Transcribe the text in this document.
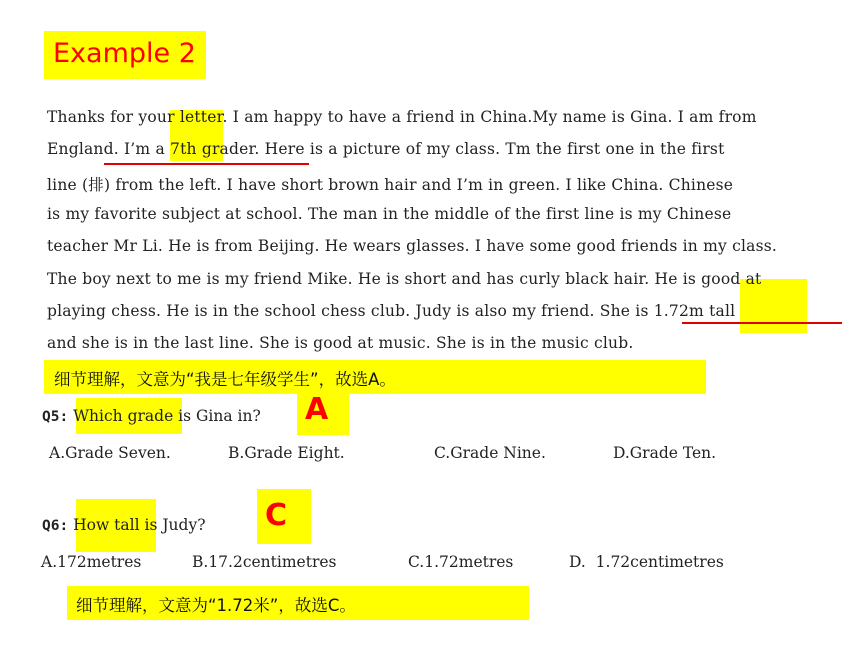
Example 2
Thanks for your letter. I am happy to have a friend in China.My name is Gina. I am from
England. I’m a 7th grader. Here is a picture of my class. Tm the first one in the first
line (排) from the left. I have short brown hair and I’m in green. I like China. Chinese
is my favorite subject at school. The man in the middle of the first line is my Chinese
teacher Mr Li. He is from Beijing. He wears glasses. I have some good friends in my class.
The boy next to me is my friend Mike. He is short and has curly black hair. He is good at
playing chess. He is in the school chess club. Judy is also my friend. She is 1.72m tall
and she is in the last line. She is good at music. She is in the music club.
细节理解，文意为“我是七年级学生”，故选A。
Q5: Which grade is Gina in? A
A.Grade Seven.	B.Grade Eight.	C.Grade Nine.	D.Grade Ten.
Q6: How tall is Judy? C
A.172metres	B.17.2centimetres	C.1.72metres	D.  1.72centimetres
细节理解，文意为“1.72米”，故选C。
